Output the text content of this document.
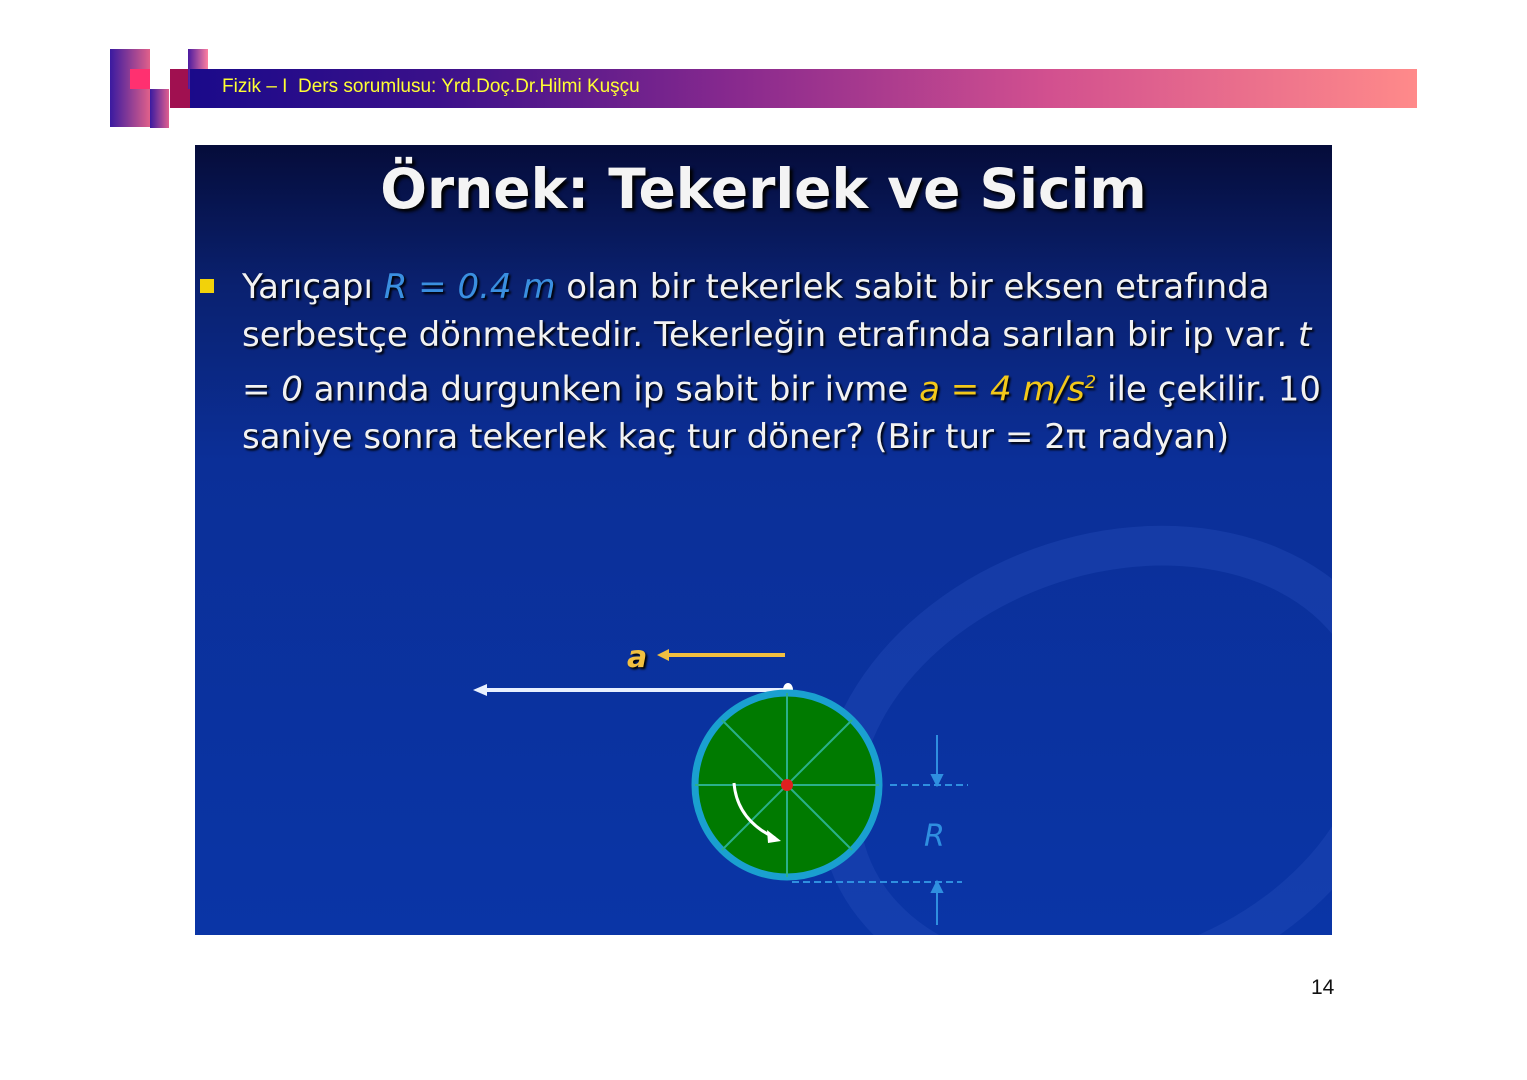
Fizik – I  Ders sorumlusu: Yrd.Doç.Dr.Hilmi Kuşçu
Örnek: Tekerlek ve Sicim
Yarıçapı R = 0.4 m olan bir tekerlek sabit bir eksen etrafında serbestçe dönmektedir. Tekerleğin etrafında sarılan bir ip var. t = 0 anında durgunken ip sabit bir ivme a = 4 $m/s^2$ ile çekilir. 10 saniye sonra tekerlek kaç tur döner? (Bir tur = 2π radyan)
a
R
14
